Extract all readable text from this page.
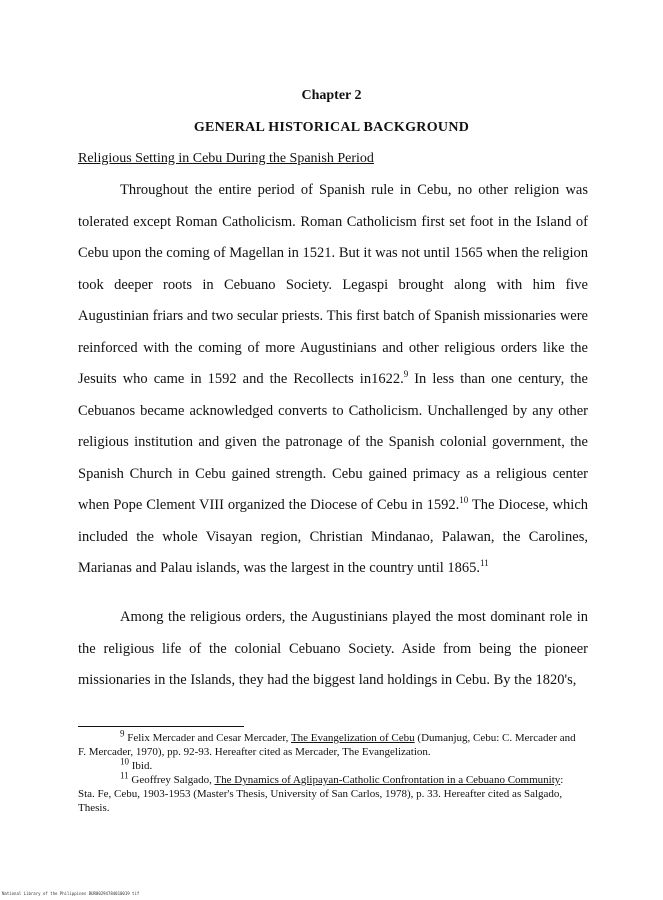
Chapter 2
GENERAL HISTORICAL BACKGROUND
Religious Setting in Cebu During the Spanish Period

Throughout the entire period of Spanish rule in Cebu, no other religion was tolerated except Roman Catholicism. Roman Catholicism first set foot in the Island of Cebu upon the coming of Magellan in 1521. But it was not until 1565 when the religion took deeper roots in Cebuano Society. Legaspi brought along with him five Augustinian friars and two secular priests. This first batch of Spanish missionaries were reinforced with the coming of more Augustinians and other religious orders like the Jesuits who came in 1592 and the Recollects in1622.$^9$ In less than one century, the Cebuanos became acknowledged converts to Catholicism. Unchallenged by any other religious institution and given the patronage of the Spanish colonial government, the Spanish Church in Cebu gained strength. Cebu gained primacy as a religious center when Pope Clement VIII organized the Diocese of Cebu in 1592.10 The Diocese, which included the whole Visayan region, Christian Mindanao, Palawan, the Carolines, Marianas and Palau islands, was the largest in the country until 1865.11

Among the religious orders, the Augustinians played the most dominant role in the religious life of the colonial Cebuano Society. Aside from being the pioneer missionaries in the Islands, they had the biggest land holdings in Cebu. By the 1820's,

$^9$ Felix Mercader and Cesar Mercader, The Evangelization of Cebu (Dumanjug, Cebu: C. Mercader and F. Mercader, 1970), pp. 92-93. Hereafter cited as Mercader, The Evangelization.

$^{10}$ Ibid.

$^{11}$ Geoffrey Salgado, The Dynamics of Aglipayan-Catholic Confrontation in a Cebuano Community: Sta. Fe, Cebu, 1903-1953 (Master's Thesis, University of San Carlos, 1978), p. 33. Hereafter cited as Salgado, Thesis.

National Library of the Philippines BUR00294784010019 tif
